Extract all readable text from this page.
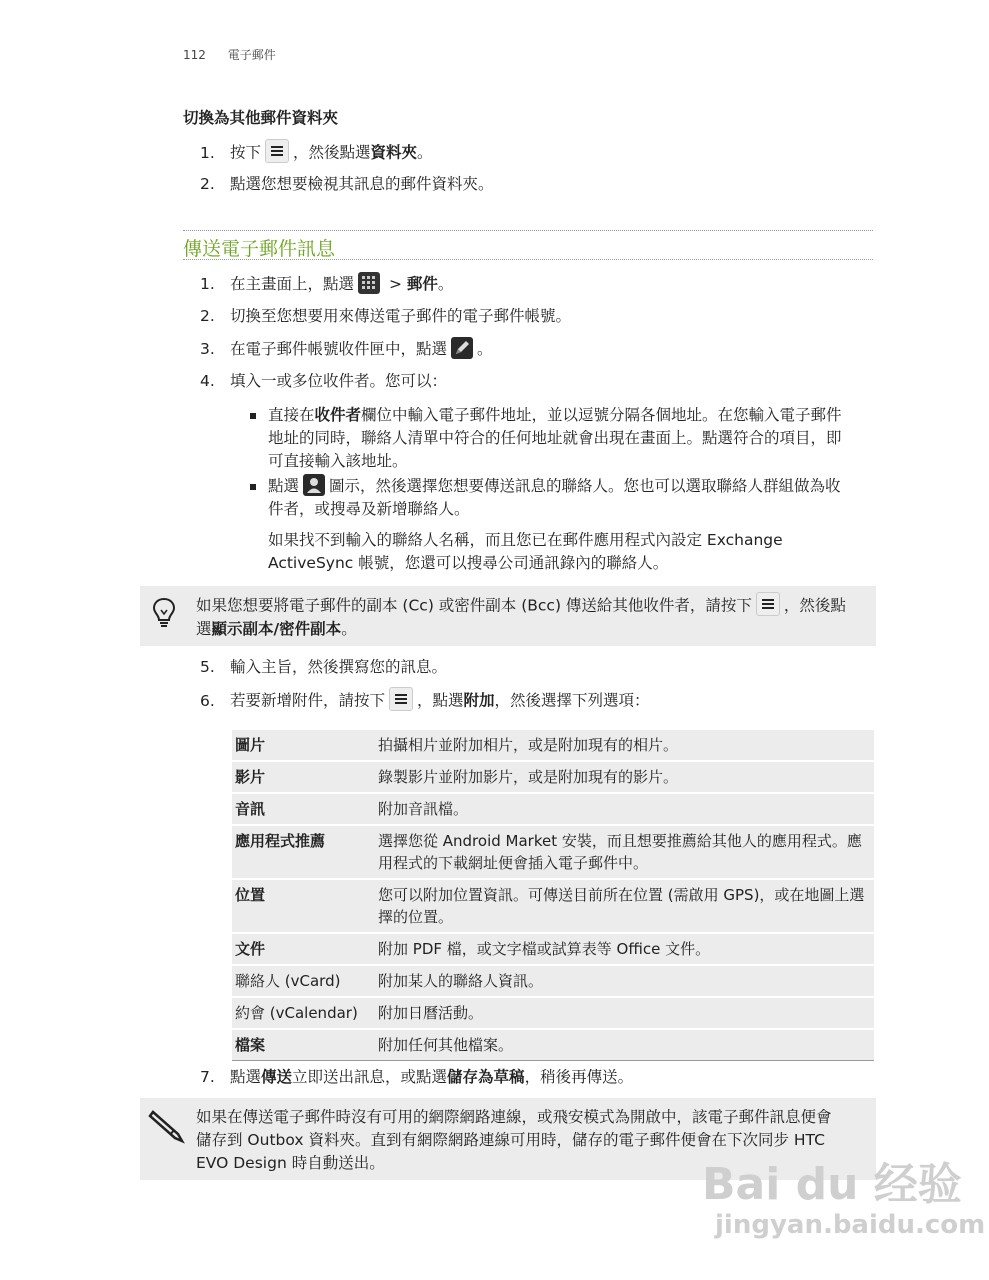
112 電子郵件
切換為其他郵件資料夾
1. 按下 ，然後點選資料夾。
2. 點選您想要檢視其訊息的郵件資料夾。
傳送電子郵件訊息
1. 在主畫面上，點選
> 郵件。
2. 切換至您想要用來傳送電子郵件的電子郵件帳號。
3. 在電子郵件帳號收件匣中，點選 。
4. 填入一或多位收件者。您可以：
直接在收件者欄位中輸入電子郵件地址，並以逗號分隔各個地址。在您輸入電子郵件
地址的同時，聯絡人清單中符合的任何地址就會出現在畫面上。點選符合的項目，即
可直接輸入該地址。
點選 圖示，然後選擇您想要傳送訊息的聯絡人。您也可以選取聯絡人群組做為收
件者，或搜尋及新增聯絡人。
如果找不到輸入的聯絡人名稱，而且您已在郵件應用程式內設定 Exchange
ActiveSync 帳號，您還可以搜尋公司通訊錄內的聯絡人。
如果您想要將電子郵件的副本 (Cc) 或密件副本 (Bcc) 傳送給其他收件者，請按下 ，然後點
選顯示副本/密件副本。
5. 輸入主旨，然後撰寫您的訊息。
6. 若要新增附件，請按下 ，點選附加，然後選擇下列選項：
圖片	拍攝相片並附加相片，或是附加現有的相片。
影片	錄製影片並附加影片，或是附加現有的影片。
音訊	附加音訊檔。
應用程式推薦	選擇您從 Android Market 安裝，而且想要推薦給其他人的應用程式。應用程式的下載網址便會插入電子郵件中。
位置	您可以附加位置資訊。可傳送目前所在位置 (需啟用 GPS)，或在地圖上選擇的位置。
文件	附加 PDF 檔，或文字檔或試算表等 Office 文件。
聯絡人 (vCard)	附加某人的聯絡人資訊。
約會 (vCalendar)	附加日曆活動。
檔案	附加任何其他檔案。
7. 點選傳送立即送出訊息，或點選儲存為草稿，稍後再傳送。
如果在傳送電子郵件時沒有可用的網際網路連線，或飛安模式為開啟中，該電子郵件訊息便會
儲存到 Outbox 資料夾。直到有網際網路連線可用時，儲存的電子郵件便會在下次同步 HTC
EVO Design 時自動送出。	Bai du 经验
jingyan.baidu.com
